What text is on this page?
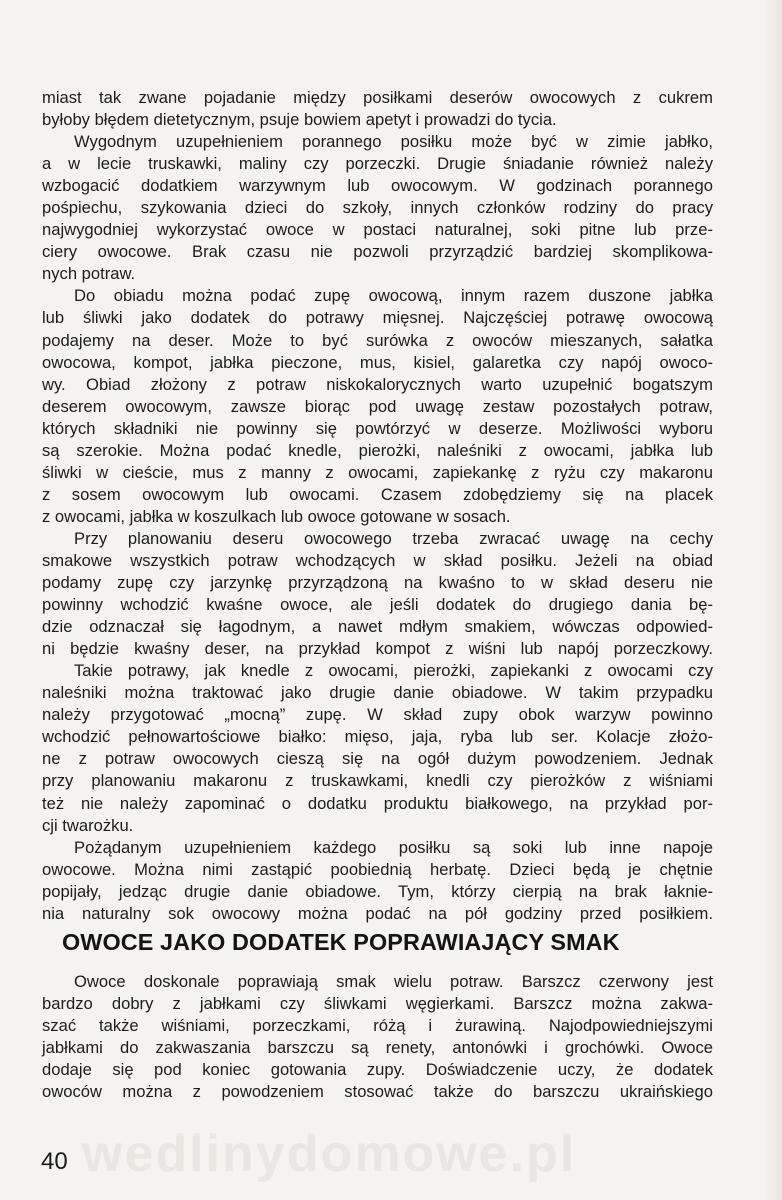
miast tak zwane pojadanie między posiłkami deserów owocowych z cukrem
byłoby błędem dietetycznym, psuje bowiem apetyt i prowadzi do tycia.
Wygodnym uzupełnieniem porannego posiłku może być w zimie jabłko,
a w lecie truskawki, maliny czy porzeczki. Drugie śniadanie również należy
wzbogacić dodatkiem warzywnym lub owocowym. W godzinach porannego
pośpiechu, szykowania dzieci do szkoły, innych członków rodziny do pracy
najwygodniej wykorzystać owoce w postaci naturalnej, soki pitne lub prze-
ciery owocowe. Brak czasu nie pozwoli przyrządzić bardziej skomplikowa-
nych potraw.
Do obiadu można podać zupę owocową, innym razem duszone jabłka
lub śliwki jako dodatek do potrawy mięsnej. Najczęściej potrawę owocową
podajemy na deser. Może to być surówka z owoców mieszanych, sałatka
owocowa, kompot, jabłka pieczone, mus, kisiel, galaretka czy napój owoco-
wy. Obiad złożony z potraw niskokalorycznych warto uzupełnić bogatszym
deserem owocowym, zawsze biorąc pod uwagę zestaw pozostałych potraw,
których składniki nie powinny się powtórzyć w deserze. Możliwości wyboru
są szerokie. Można podać knedle, pierożki, naleśniki z owocami, jabłka lub
śliwki w cieście, mus z manny z owocami, zapiekankę z ryżu czy makaronu
z sosem owocowym lub owocami. Czasem zdobędziemy się na placek
z owocami, jabłka w koszulkach lub owoce gotowane w sosach.
Przy planowaniu deseru owocowego trzeba zwracać uwagę na cechy
smakowe wszystkich potraw wchodzących w skład posiłku. Jeżeli na obiad
podamy zupę czy jarzynkę przyrządzoną na kwaśno to w skład deseru nie
powinny wchodzić kwaśne owoce, ale jeśli dodatek do drugiego dania bę-
dzie odznaczał się łagodnym, a nawet mdłym smakiem, wówczas odpowied-
ni będzie kwaśny deser, na przykład kompot z wiśni lub napój porzeczkowy.
Takie potrawy, jak knedle z owocami, pierożki, zapiekanki z owocami czy
naleśniki można traktować jako drugie danie obiadowe. W takim przypadku
należy przygotować „mocną” zupę. W skład zupy obok warzyw powinno
wchodzić pełnowartościowe białko: mięso, jaja, ryba lub ser. Kolacje złożo-
ne z potraw owocowych cieszą się na ogół dużym powodzeniem. Jednak
przy planowaniu makaronu z truskawkami, knedli czy pierożków z wiśniami
też nie należy zapominać o dodatku produktu białkowego, na przykład por-
cji twarożku.
Pożądanym uzupełnieniem każdego posiłku są soki lub inne napoje
owocowe. Można nimi zastąpić poobiednią herbatę. Dzieci będą je chętnie
popijały, jedząc drugie danie obiadowe. Tym, którzy cierpią na brak łaknie-
nia naturalny sok owocowy można podać na pół godziny przed posiłkiem.
OWOCE JAKO DODATEK POPRAWIAJĄCY SMAK
Owoce doskonale poprawiają smak wielu potraw. Barszcz czerwony jest
bardzo dobry z jabłkami czy śliwkami węgierkami. Barszcz można zakwa-
szać także wiśniami, porzeczkami, różą i żurawiną. Najodpowiedniejszymi
jabłkami do zakwaszania barszczu są renety, antonówki i grochówki. Owoce
dodaje się pod koniec gotowania zupy. Doświadczenie uczy, że dodatek
owoców można z powodzeniem stosować także do barszczu ukraińskiego
wedlinydomowe.pl
40
